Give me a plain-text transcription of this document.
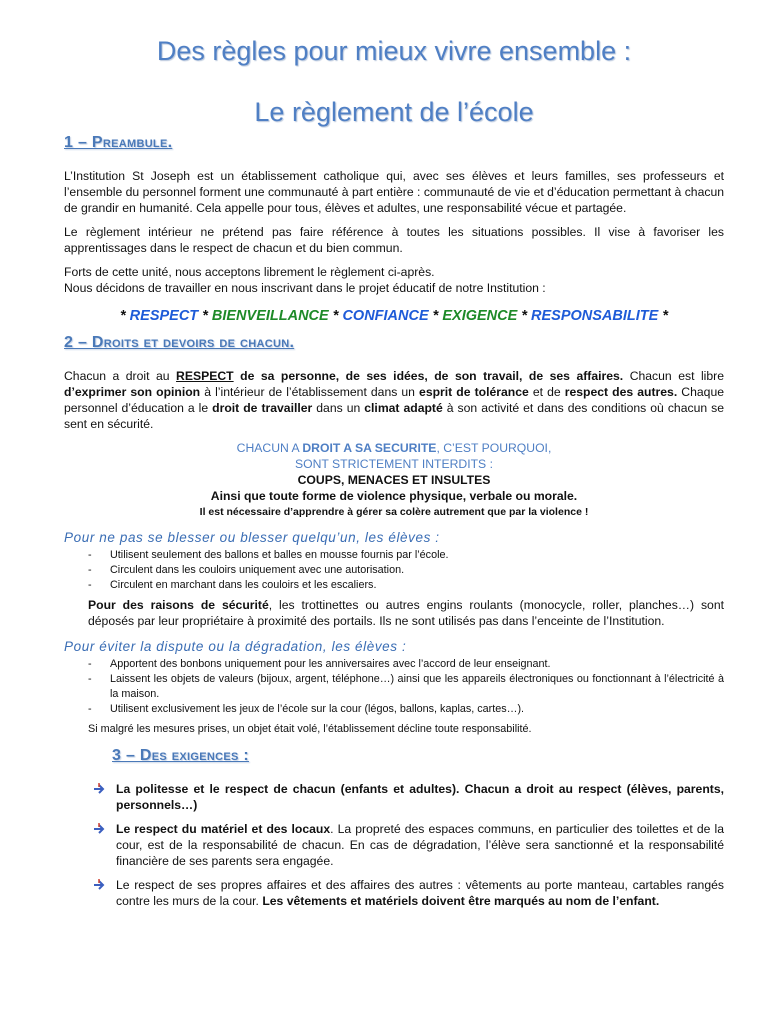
Des règles pour mieux vivre ensemble :
Le règlement de l’école
1 – Preambule.

L’Institution St Joseph est un établissement catholique qui, avec ses élèves et leurs familles, ses professeurs et l’ensemble du personnel forment une communauté à part entière : communauté de vie et d’éducation permettant à chacun de grandir en humanité. Cela appelle pour tous, élèves et adultes, une responsabilité vécue et partagée.

Le règlement intérieur ne prétend pas faire référence à toutes les situations possibles. Il vise à favoriser les apprentissages dans le respect de chacun et du bien commun.

Forts de cette unité, nous acceptons librement le règlement ci-après.
Nous décidons de travailler en nous inscrivant dans le projet éducatif de notre Institution :

* RESPECT * BIENVEILLANCE * CONFIANCE * EXIGENCE * RESPONSABILITE *
2 – Droits et devoirs de chacun.

Chacun a droit au RESPECT de sa personne, de ses idées, de son travail, de ses affaires. Chacun est libre d’exprimer son opinion à l’intérieur de l’établissement dans un esprit de tolérance et de respect des autres. Chaque personnel d’éducation a le droit de travailler dans un climat adapté à son activité et dans des conditions où chacun se sent en sécurité.

CHACUN A DROIT A SA SECURITE, C’EST POURQUOI,
SONT STRICTEMENT INTERDITS :
COUPS, MENACES ET INSULTES
Ainsi que toute forme de violence physique, verbale ou morale.
Il est nécessaire d’apprendre à gérer sa colère autrement que par la violence !
Pour ne pas se blesser ou blesser quelqu’un, les élèves :
- Utilisent seulement des ballons et balles en mousse fournis par l’école.
- Circulent dans les couloirs uniquement avec une autorisation.
- Circulent en marchant dans les couloirs et les escaliers.

Pour des raisons de sécurité, les trottinettes ou autres engins roulants (monocycle, roller, planches…) sont déposés par leur propriétaire à proximité des portails. Ils ne sont utilisés pas dans l’enceinte de l’Institution.

Pour éviter la dispute ou la dégradation, les élèves :
- Apportent des bonbons uniquement pour les anniversaires avec l’accord de leur enseignant.
- Laissent les objets de valeurs (bijoux, argent, téléphone…) ainsi que les appareils électroniques ou fonctionnant à l’électricité à la maison.
- Utilisent exclusivement les jeux de l’école sur la cour (légos, ballons, kaplas, cartes…).

Si malgré les mesures prises, un objet était volé, l’établissement décline toute responsabilité.

3 – Des exigences :
La politesse et le respect de chacun (enfants et adultes). Chacun a droit au respect (élèves, parents, personnels…)
Le respect du matériel et des locaux. La propreté des espaces communs, en particulier des toilettes et de la cour, est de la responsabilité de chacun. En cas de dégradation, l’élève sera sanctionné et la responsabilité financière de ses parents sera engagée.
Le respect de ses propres affaires et des affaires des autres : vêtements au porte manteau, cartables rangés contre les murs de la cour. Les vêtements et matériels doivent être marqués au nom de l’enfant.
